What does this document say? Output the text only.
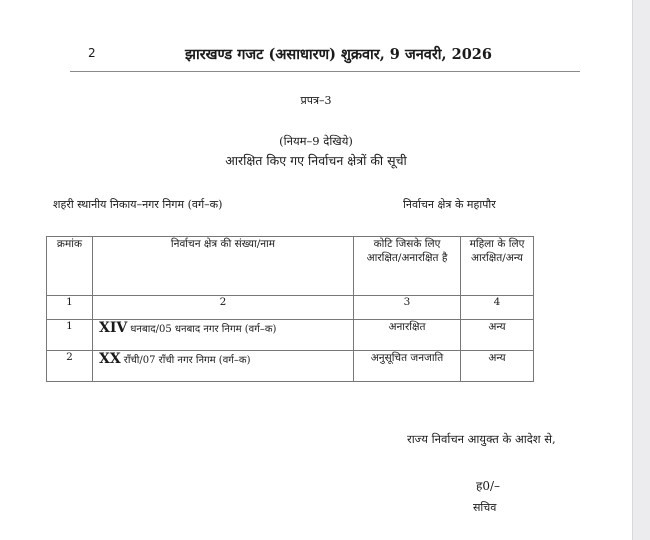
2	झारखण्ड गजट (असाधारण) शुक्रवार, 9 जनवरी, 2026
प्रपत्र–3
(नियम–9 देखिये)
आरक्षित किए गए निर्वाचन क्षेत्रों की सूची
शहरी स्थानीय निकाय–नगर निगम (वर्ग–क)	निर्वाचन क्षेत्र के महापौर
क्रमांक	निर्वाचन क्षेत्र की संख्या/नाम	कोटि जिसके लिए आरक्षित/अनारक्षित है	महिला के लिए आरक्षित/अन्य
1	2	3	4
1	XIV धनबाद/05 धनबाद नगर निगम (वर्ग–क)	अनारक्षित	अन्य
2	XX राँची/07 राँची नगर निगम (वर्ग–क)	अनुसूचित जनजाति	अन्य
राज्य निर्वाचन आयुक्त के आदेश से,
ह0/–
सचिव
